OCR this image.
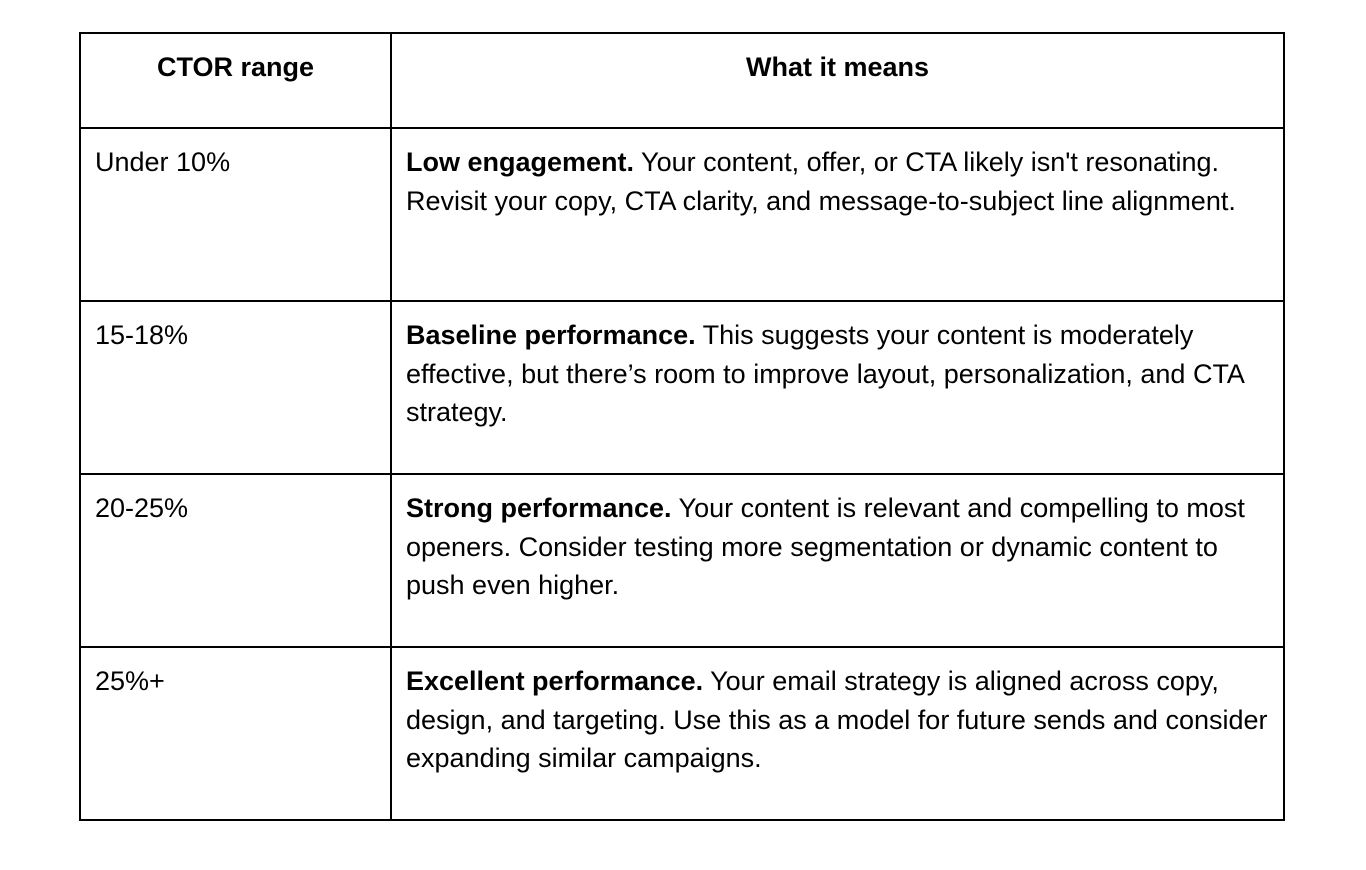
CTOR range	What it means
Under 10%	Low engagement. Your content, offer, or CTA likely isn't resonating. Revisit your copy, CTA clarity, and message-to-subject line alignment.
15-18%	Baseline performance. This suggests your content is moderately effective, but there’s room to improve layout, personalization, and CTA strategy.
20-25%	Strong performance. Your content is relevant and compelling to most openers. Consider testing more segmentation or dynamic content to push even higher.
25%+	Excellent performance. Your email strategy is aligned across copy, design, and targeting. Use this as a model for future sends and consider expanding similar campaigns.
